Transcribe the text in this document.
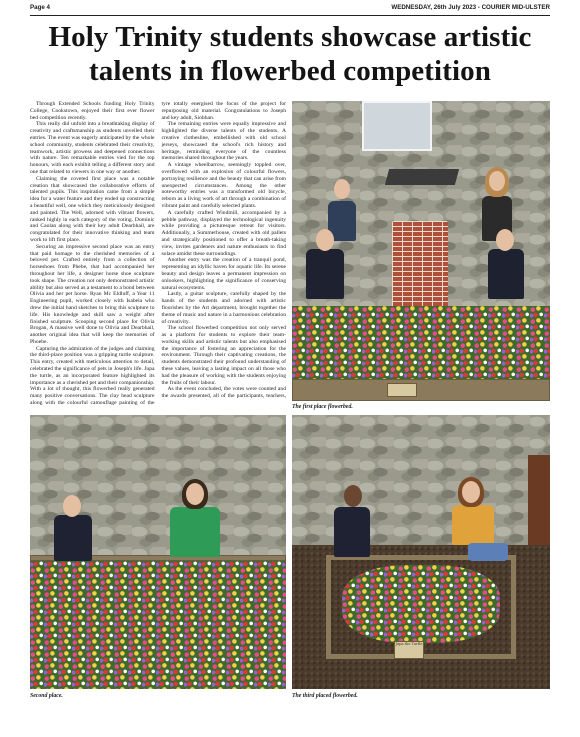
Page 4	WEDNESDAY, 26th July 2023 - COURIER MID-ULSTER
Holy Trinity students showcase artistic talents in flowerbed competition

Through Extended Schools funding Holy Trinity College, Cookstown, enjoyed their first ever flower bed competition recently.

This really did unfold into a breathtaking display of creativity and craftsmanship as students unveiled their entries. The event was eagerly anticipated by the whole school community, students celebrated their creativity, teamwork, artistic prowess and deepened connections with nature. Ten remarkable entries vied for the top honours, with each exhibit telling a different story and one that related to viewers in one way or another.

Claiming the coveted first place was a notable creation that showcased the collaborative efforts of talented pupils. This inspiration came from a simple idea for a water feature and they ended up constructing a beautiful well, one which they meticulously designed and painted. The Well, adorned with vibrant flowers, ranked highly in each category of the voting. Dominic and Caolan along with their key adult Dearbhail, are congratulated for their innovative thinking and team work to lift first place.

Securing an impressive second place was an entry that paid homage to the cherished memories of a beloved pet. Crafted entirely from a collection of horseshoes from Phebe, that had accompanied her throughout her life, a designer horse shoe sculpture took shape. The creation not only demonstrated artistic ability but also served as a testament to a bond between Olivia and her pet horse. Ryan Mc Eldluff, a Year 11 Engineering pupil, worked closely with Isabela who drew the initial hand sketches to bring this sculpture to life. His knowledge and skill saw a weight after finished sculpture. Scooping second place for Olivia Brogan, A massive well done to Olivia and Dearbhail, another original idea that will keep the memories of Phoebe.

Capturing the admiration of the judges and claiming the third-place position was a gripping turtle sculpture. This entry, created with meticulous attention to detail, celebrated the significance of pets in Joseph's life. Jupa the turtle, as an incorporated feature highlighted its importance as a cherished pet and their companionship. With a lot of thought, this flowerbed really generated many positive conversations. The clay head sculpture along with the colourful camouflage painting of the tyre totally energised the focus of the project for repurposing old material. Congratulations to Joseph and key adult, Siobhan.

The remaining entries were equally impressive and highlighted the diverse talents of the students. A creative clothesline, embellished with old school jerseys, showcased the school's rich history and heritage, reminding everyone of the countless memories shared throughout the years.

A vintage wheelbarrow, seemingly toppled over, overflowed with an explosion of colourful flowers, portraying resilience and the beauty that can arise from unexpected circumstances. Among the other noteworthy entries was a transformed old bicycle, reborn as a living work of art through a combination of vibrant paint and carefully selected plants.

A carefully crafted Windmill, accompanied by a pebble pathway, displayed the technological ingenuity while providing a picturesque retreat for visitors. Additionally, a Summerhouse, created with old pallets and strategically positioned to offer a breath-taking view, invites gardeners and nature enthusiasts to find solace amidst these surroundings.

Another entry was the creation of a tranquil pond, representing an idyllic haven for aquatic life. Its serene beauty and design leaves a permanent impression on onlookers, highlighting the significance of conserving natural ecosystems.

Lastly, a guitar sculpture, carefully shaped by the hands of the students and adorned with artistic flourishes by the Art department, brought together the theme of music and nature in a harmonious celebration of creativity.

The school flowerbed competition not only served as a platform for students to explore their team-working skills and artistic talents but also emphasised the importance of fostering an appreciation for the environment. Through their captivating creations, the students demonstrated their profound understanding of these values, leaving a lasting impact on all those who had the pleasure of working with the students enjoying the fruits of their labour.

As the event concluded, the votes were counted and the awards presented, all of the participants, teachers,

The first place flowerbed.
Second place.
Jupa the Turtle
The third placed flowerbed.
